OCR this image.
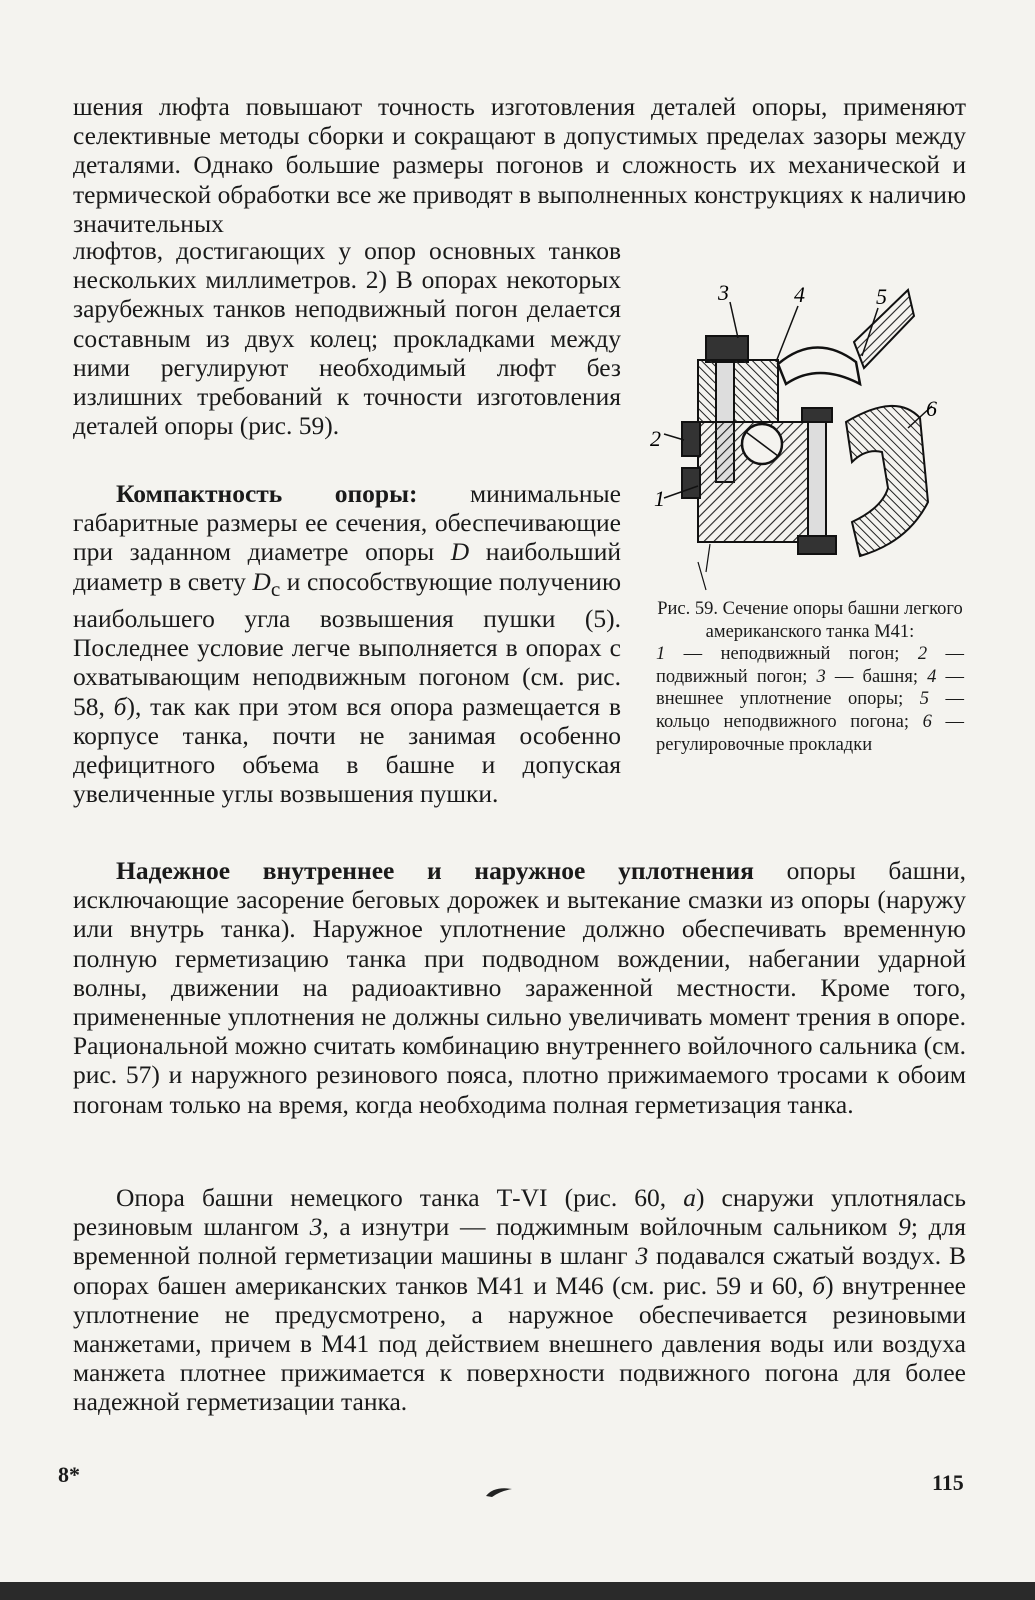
шения люфта повышают точность изготовления деталей опоры, применяют селективные методы сборки и сокращают в допустимых пределах зазоры между деталями. Однако большие размеры погонов и сложность их механической и термической обработки все же приводят в выполненных конструкциях к наличию значительных

люфтов, достигающих у опор основных танков нескольких миллиметров. 2) В опорах некоторых зарубежных танков неподвижный погон делается составным из двух колец; прокладками между ними регулируют необходимый люфт без излишних требований к точности изготовления деталей опоры (рис. 59).

Компактность опоры: минимальные габаритные размеры ее сечения, обеспечивающие при заданном диаметре опоры D наибольший диаметр в свету $D_с$ и способствующие получению наибольшего угла возвышения пушки (5). Последнее условие легче выполняется в опорах с охватывающим неподвижным погоном (см. рис. 58, б), так как при этом вся опора размещается в корпусе танка, почти не занимая особенно дефицитного объема в башне и допуская увеличенные углы возвышения пушки.

1
2
3	4	5
6
Рис. 59. Сечение опоры башни легкого американского танка М41:
1 — неподвижный погон; 2 — подвижный погон; 3 — башня; 4 — внешнее уплотнение опоры; 5 — кольцо неподвижного погона; 6 — регулировочные прокладки

Надежное внутреннее и наружное уплотнения опоры башни, исключающие засорение беговых дорожек и вытекание смазки из опоры (наружу или внутрь танка). Наружное уплотнение должно обеспечивать временную полную герметизацию танка при подводном вождении, набегании ударной волны, движении на радиоактивно зараженной местности. Кроме того, примененные уплотнения не должны сильно увеличивать момент трения в опоре. Рациональной можно считать комбинацию внутреннего войлочного сальника (см. рис. 57) и наружного резинового пояса, плотно прижимаемого тросами к обоим погонам только на время, когда необходима полная герметизация танка.

Опора башни немецкого танка Т-VI (рис. 60, а) снаружи уплотнялась резиновым шлангом 3, а изнутри — поджимным войлочным сальником 9; для временной полной герметизации машины в шланг 3 подавался сжатый воздух. В опорах башен американских танков М41 и М46 (см. рис. 59 и 60, б) внутреннее уплотнение не предусмотрено, а наружное обеспечивается резиновыми манжетами, причем в М41 под действием внешнего давления воды или воздуха манжета плотнее прижимается к поверхности подвижного погона для более надежной герметизации танка.

8*	115
